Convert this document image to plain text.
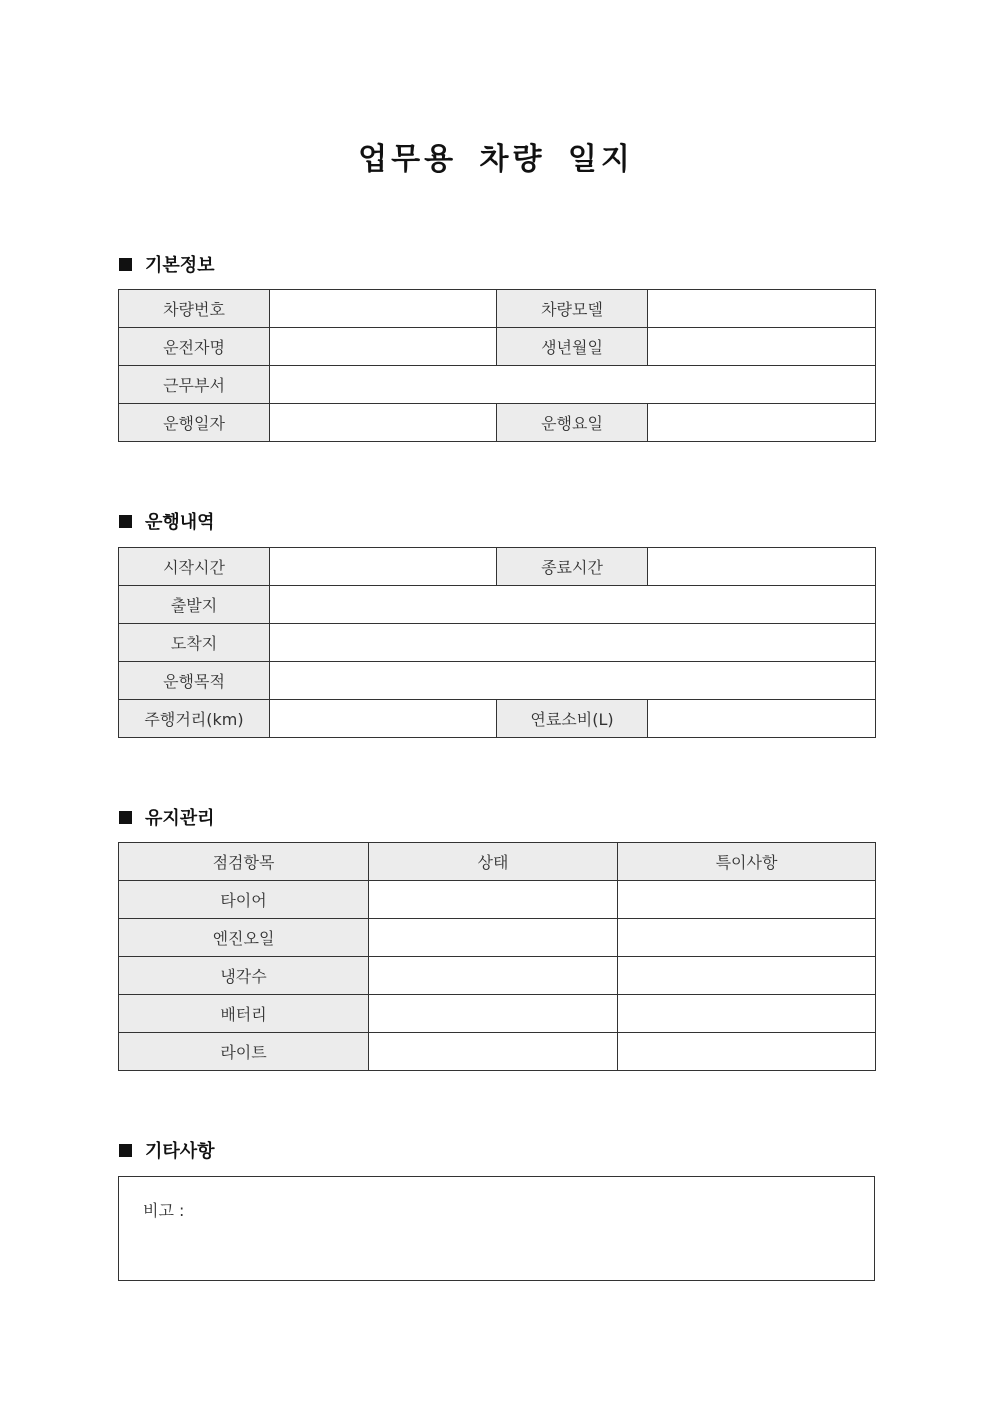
업무용 차량 일지
기본정보
차량번호		차량모델	
운전자명		생년월일	
근무부서			
운행일자		운행요일	
운행내역
시작시간		종료시간	
출발지			
도착지			
운행목적			
주행거리(km)		연료소비(L)	
유지관리
점검항목	상태	특이사항
타이어		
엔진오일		
냉각수		
배터리		
라이트		
기타사항
비고 :
